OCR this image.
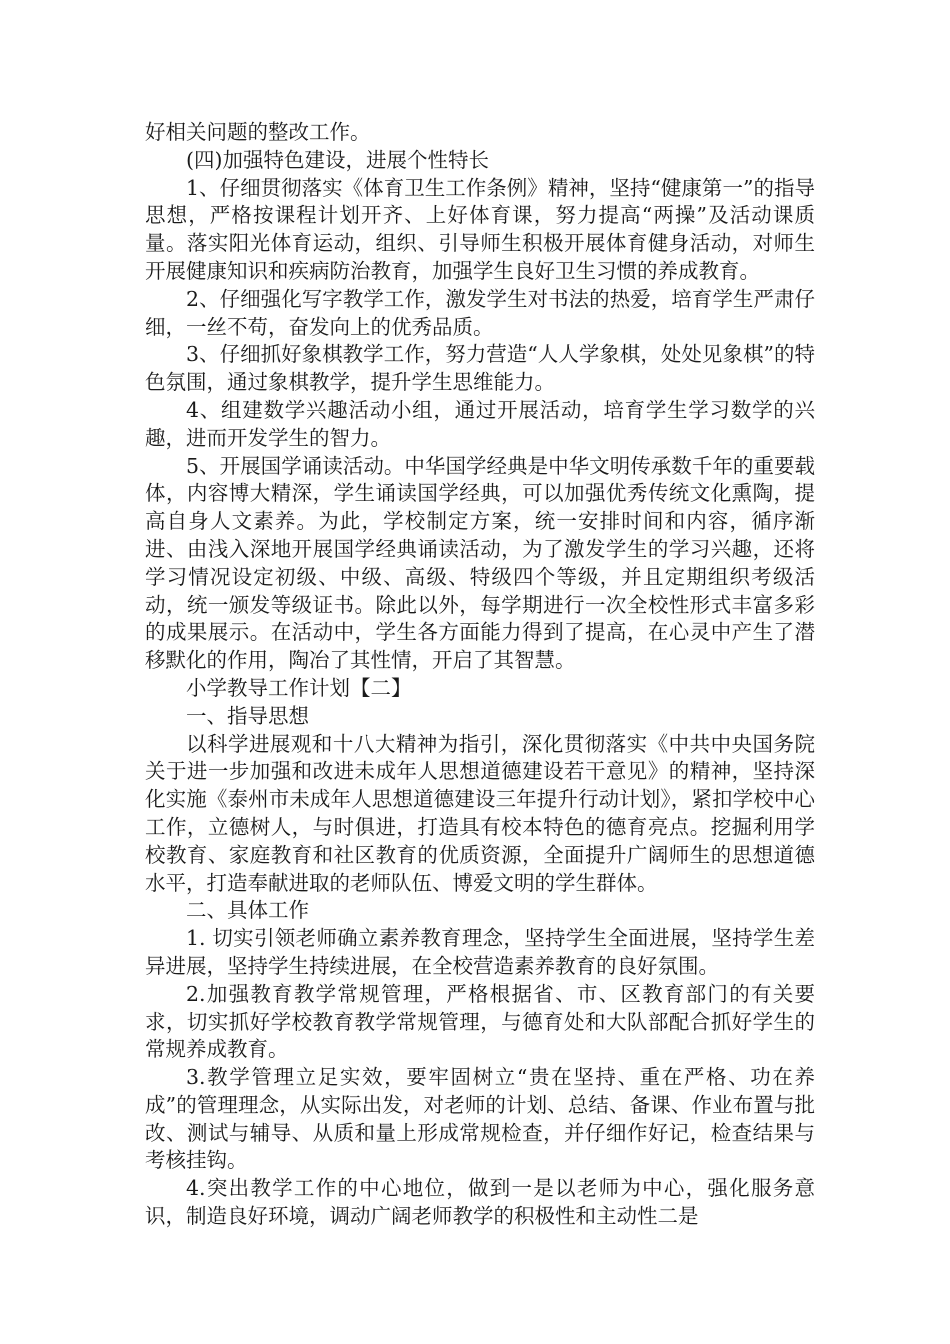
好相关问题的整改工作。

(四)加强特色建设，进展个性特长

1、仔细贯彻落实《体育卫生工作条例》精神，坚持“健康第一”的指导思想，严格按课程计划开齐、上好体育课，努力提高“两操”及活动课质量。落实阳光体育运动，组织、引导师生积极开展体育健身活动，对师生开展健康知识和疾病防治教育，加强学生良好卫生习惯的养成教育。

2、仔细强化写字教学工作，激发学生对书法的热爱，培育学生严肃仔细，一丝不苟，奋发向上的优秀品质。

3、仔细抓好象棋教学工作，努力营造“人人学象棋，处处见象棋”的特色氛围，通过象棋教学，提升学生思维能力。

4、组建数学兴趣活动小组，通过开展活动，培育学生学习数学的兴趣，进而开发学生的智力。

5、开展国学诵读活动。中华国学经典是中华文明传承数千年的重要载体，内容博大精深，学生诵读国学经典，可以加强优秀传统文化熏陶，提高自身人文素养。为此，学校制定方案，统一安排时间和内容，循序渐进、由浅入深地开展国学经典诵读活动，为了激发学生的学习兴趣，还将学习情况设定初级、中级、高级、特级四个等级，并且定期组织考级活动，统一颁发等级证书。除此以外，每学期进行一次全校性形式丰富多彩的成果展示。在活动中，学生各方面能力得到了提高，在心灵中产生了潜移默化的作用，陶冶了其性情，开启了其智慧。

小学教导工作计划【二】

一、指导思想

以科学进展观和十八大精神为指引，深化贯彻落实《中共中央国务院关于进一步加强和改进未成年人思想道德建设若干意见》的精神，坚持深化实施《泰州市未成年人思想道德建设三年提升行动计划》，紧扣学校中心工作，立德树人，与时俱进，打造具有校本特色的德育亮点。挖掘利用学校教育、家庭教育和社区教育的优质资源，全面提升广阔师生的思想道德水平，打造奉献进取的老师队伍、博爱文明的学生群体。

二、具体工作

1. 切实引领老师确立素养教育理念，坚持学生全面进展，坚持学生差异进展，坚持学生持续进展，在全校营造素养教育的良好氛围。

2.加强教育教学常规管理，严格根据省、市、区教育部门的有关要求，切实抓好学校教育教学常规管理，与德育处和大队部配合抓好学生的常规养成教育。

3.教学管理立足实效，要牢固树立“贵在坚持、重在严格、功在养成”的管理理念，从实际出发，对老师的计划、总结、备课、作业布置与批改、测试与辅导、从质和量上形成常规检查，并仔细作好记，检查结果与考核挂钩。

4.突出教学工作的中心地位，做到一是以老师为中心，强化服务意识，制造良好环境，调动广阔老师教学的积极性和主动性二是
